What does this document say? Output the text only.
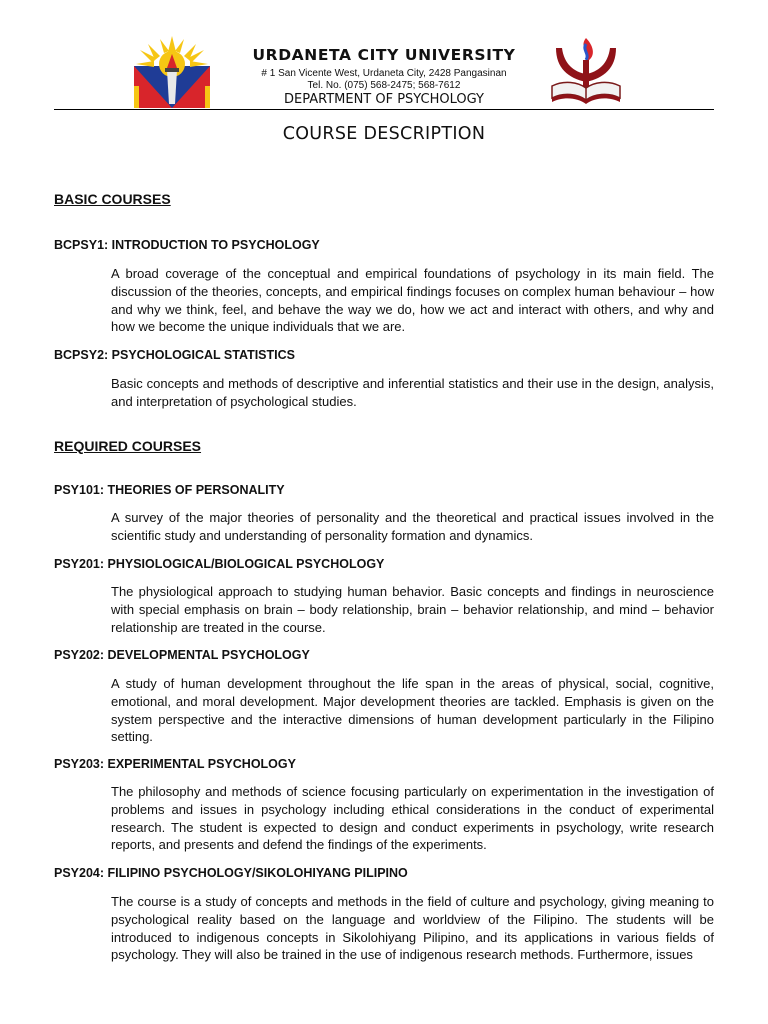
URDANETA CITY UNIVERSITY
# 1 San Vicente West, Urdaneta City, 2428 Pangasinan
Tel. No. (075) 568-2475; 568-7612
DEPARTMENT OF PSYCHOLOGY
COURSE DESCRIPTION
BASIC COURSES
BCPSY1: INTRODUCTION TO PSYCHOLOGY

A broad coverage of the conceptual and empirical foundations of psychology in its main field. The discussion of the theories, concepts, and empirical findings focuses on complex human behaviour – how and why we think, feel, and behave the way we do, how we act and interact with others, and why and how we become the unique individuals that we are.

BCPSY2: PSYCHOLOGICAL STATISTICS

Basic concepts and methods of descriptive and inferential statistics and their use in the design, analysis, and interpretation of psychological studies.

REQUIRED COURSES
PSY101: THEORIES OF PERSONALITY

A survey of the major theories of personality and the theoretical and practical issues involved in the scientific study and understanding of personality formation and dynamics.

PSY201: PHYSIOLOGICAL/BIOLOGICAL PSYCHOLOGY

The physiological approach to studying human behavior. Basic concepts and findings in neuroscience with special emphasis on brain – body relationship, brain – behavior relationship, and mind – behavior relationship are treated in the course.

PSY202: DEVELOPMENTAL PSYCHOLOGY

A study of human development throughout the life span in the areas of physical, social, cognitive, emotional, and moral development. Major development theories are tackled. Emphasis is given on the system perspective and the interactive dimensions of human development particularly in the Filipino setting.

PSY203: EXPERIMENTAL PSYCHOLOGY

The philosophy and methods of science focusing particularly on experimentation in the investigation of problems and issues in psychology including ethical considerations in the conduct of experimental research. The student is expected to design and conduct experiments in psychology, write research reports, and presents and defend the findings of the experiments.

PSY204: FILIPINO PSYCHOLOGY/SIKOLOHIYANG PILIPINO

The course is a study of concepts and methods in the field of culture and psychology, giving meaning to psychological reality based on the language and worldview of the Filipino. The students will be introduced to indigenous concepts in Sikolohiyang Pilipino, and its applications in various fields of psychology. They will also be trained in the use of indigenous research methods. Furthermore, issues
